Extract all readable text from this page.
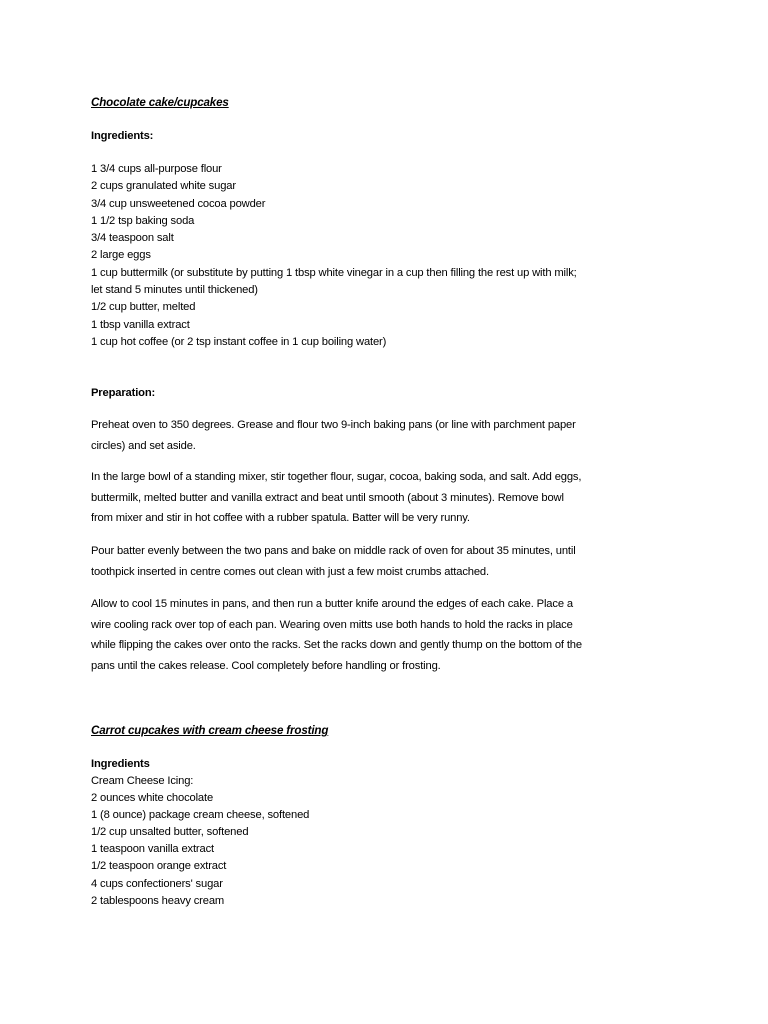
Chocolate cake/cupcakes
Ingredients:
1 3/4 cups all-purpose flour
2 cups granulated white sugar
3/4 cup unsweetened cocoa powder
1 1/2 tsp baking soda
3/4 teaspoon salt
2 large eggs
1 cup buttermilk (or substitute by putting 1 tbsp white vinegar in a cup then filling the rest up with milk;
let stand 5 minutes until thickened)
1/2 cup butter, melted
1 tbsp vanilla extract
1 cup hot coffee (or 2 tsp instant coffee in 1 cup boiling water)
Preparation:
Preheat oven to 350 degrees. Grease and flour two 9-inch baking pans (or line with parchment paper
circles) and set aside.
In the large bowl of a standing mixer, stir together flour, sugar, cocoa, baking soda, and salt. Add eggs,
buttermilk, melted butter and vanilla extract and beat until smooth (about 3 minutes). Remove bowl
from mixer and stir in hot coffee with a rubber spatula. Batter will be very runny.
Pour batter evenly between the two pans and bake on middle rack of oven for about 35 minutes, until
toothpick inserted in centre comes out clean with just a few moist crumbs attached.
Allow to cool 15 minutes in pans, and then run a butter knife around the edges of each cake. Place a
wire cooling rack over top of each pan. Wearing oven mitts use both hands to hold the racks in place
while flipping the cakes over onto the racks. Set the racks down and gently thump on the bottom of the
pans until the cakes release. Cool completely before handling or frosting.
Carrot cupcakes with cream cheese frosting
Ingredients
Cream Cheese Icing:
2 ounces white chocolate
1 (8 ounce) package cream cheese, softened
1/2 cup unsalted butter, softened
1 teaspoon vanilla extract
1/2 teaspoon orange extract
4 cups confectioners' sugar
2 tablespoons heavy cream
